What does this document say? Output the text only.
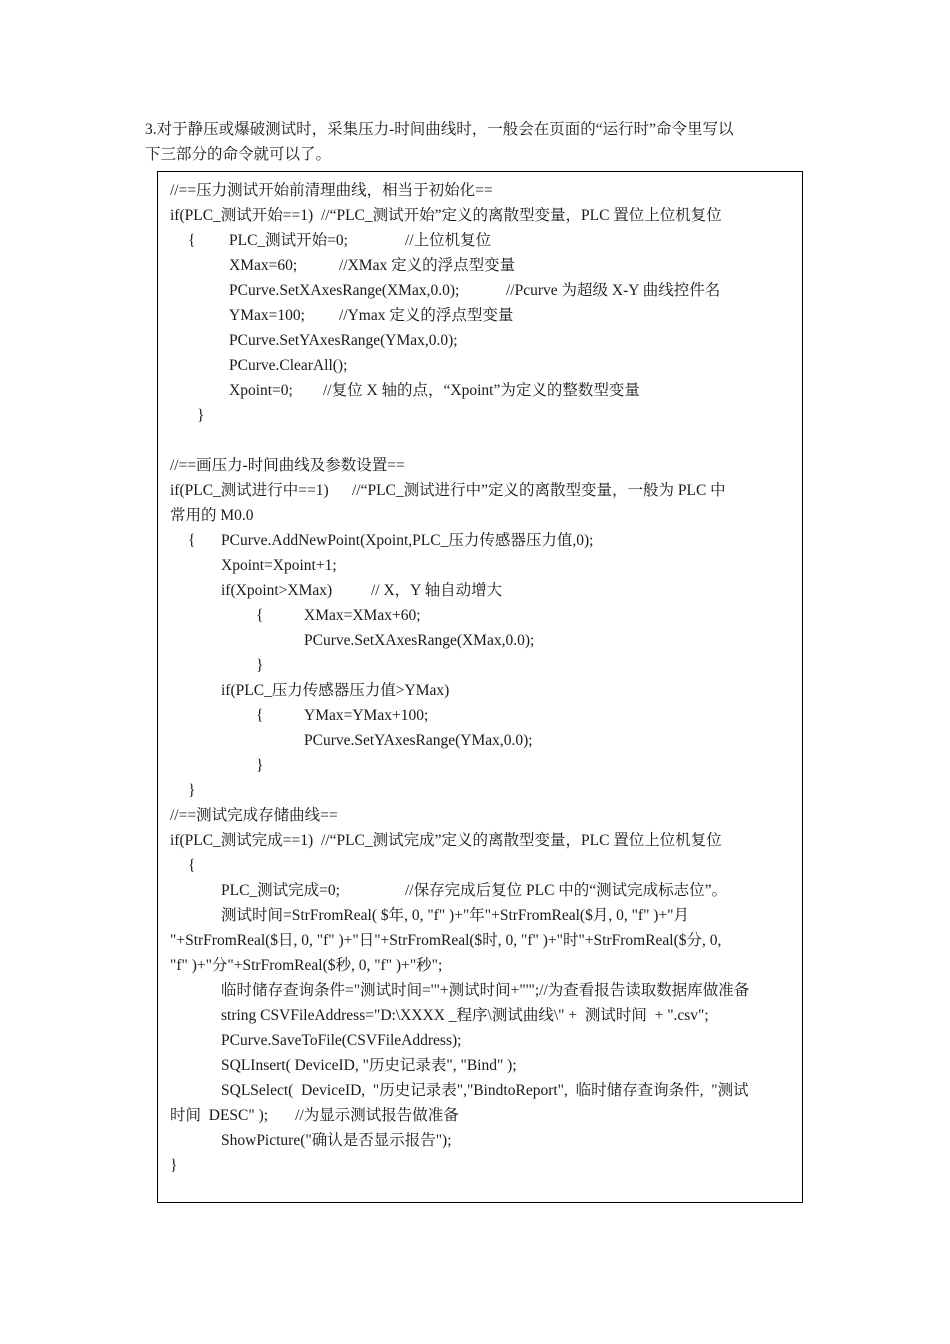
3.对于静压或爆破测试时，采集压力-时间曲线时，一般会在页面的“运行时”命令里写以

下三部分的命令就可以了。

//==压力测试开始前清理曲线，相当于初始化==
if(PLC_测试开始==1)  //“PLC_测试开始”定义的离散型变量，PLC 置位上位机复位
{ PLC_测试开始=0;	//上位机复位
XMax=60;	//XMax 定义的浮点型变量
PCurve.SetXAxesRange(XMax,0.0);	//Pcurve 为超级 X-Y 曲线控件名
YMax=100; //Ymax 定义的浮点型变量
PCurve.SetYAxesRange(YMax,0.0);
PCurve.ClearAll();
Xpoint=0; //复位 X 轴的点，“Xpoint”为定义的整数型变量
}
//==画压力-时间曲线及参数设置==
if(PLC_测试进行中==1)      //“PLC_测试进行中”定义的离散型变量，一般为 PLC 中
常用的 M0.0
{ PCurve.AddNewPoint(Xpoint,PLC_压力传感器压力值,0);
Xpoint=Xpoint+1;
if(Xpoint>XMax)	// X，Y 轴自动增大
{	XMax=XMax+60;
PCurve.SetXAxesRange(XMax,0.0);
}
if(PLC_压力传感器压力值>YMax)
{	YMax=YMax+100;
PCurve.SetYAxesRange(YMax,0.0);
}
}
//==测试完成存储曲线==
if(PLC_测试完成==1)  //“PLC_测试完成”定义的离散型变量，PLC 置位上位机复位
{
PLC_测试完成=0;	//保存完成后复位 PLC 中的“测试完成标志位”。
测试时间=StrFromReal( $年, 0, "f" )+"年"+StrFromReal($月, 0, "f" )+"月
"+StrFromReal($日, 0, "f" )+"日"+StrFromReal($时, 0, "f" )+"时"+StrFromReal($分, 0,
"f" )+"分"+StrFromReal($秒, 0, "f" )+"秒";
临时储存查询条件="测试时间='"+测试时间+"'";//为查看报告读取数据库做准备
string CSVFileAddress="D:\XXXX _程序\测试曲线\" +  测试时间  + ".csv";
PCurve.SaveToFile(CSVFileAddress);
SQLInsert( DeviceID, "历史记录表", "Bind" );
SQLSelect(  DeviceID,  "历史记录表","BindtoReport",  临时储存查询条件,  "测试
时间  DESC" );       //为显示测试报告做准备
ShowPicture("确认是否显示报告");
}
